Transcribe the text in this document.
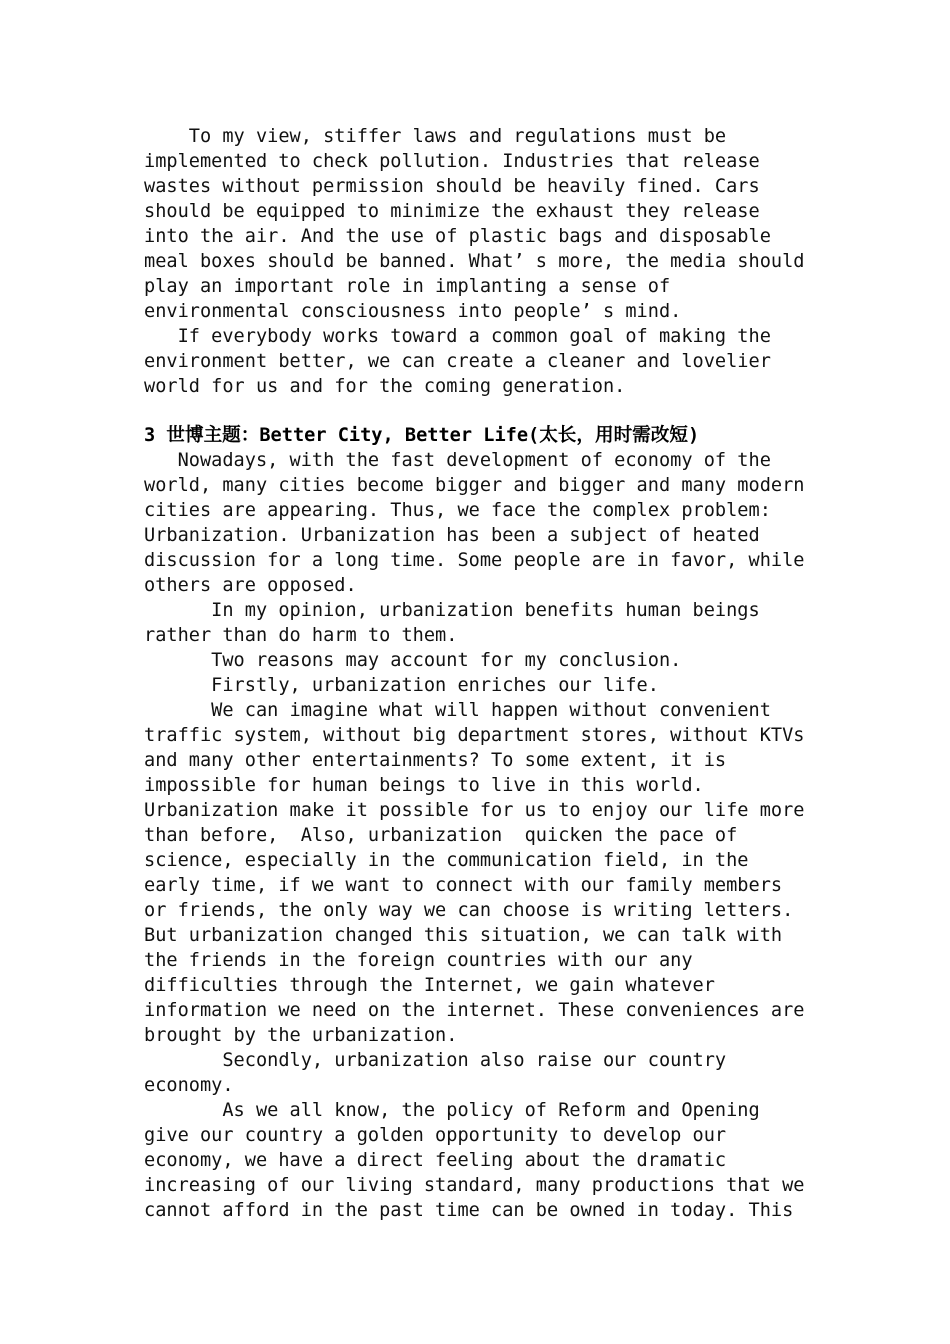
To my view, stiffer laws and regulations must be
implemented to check pollution. Industries that release
wastes without permission should be heavily fined. Cars
should be equipped to minimize the exhaust they release
into the air. And the use of plastic bags and disposable
meal boxes should be banned. What’ s more, the media should
play an important role in implanting a sense of
environmental consciousness into people’ s mind.
If everybody works toward a common goal of making the
environment better, we can create a cleaner and lovelier
world for us and for the coming generation.
3 世博主题：Better City, Better Life(太长，用时需改短)
Nowadays, with the fast development of economy of the
world, many cities become bigger and bigger and many modern
cities are appearing. Thus, we face the complex problem:
Urbanization. Urbanization has been a subject of heated
discussion for a long time. Some people are in favor, while
others are opposed.
In my opinion, urbanization benefits human beings
rather than do harm to them.
Two reasons may account for my conclusion.
Firstly, urbanization enriches our life.
We can imagine what will happen without convenient
traffic system, without big department stores, without KTVs
and many other entertainments? To some extent, it is
impossible for human beings to live in this world.
Urbanization make it possible for us to enjoy our life more
than before,  Also, urbanization  quicken the pace of
science, especially in the communication field, in the
early time, if we want to connect with our family members
or friends, the only way we can choose is writing letters.
But urbanization changed this situation, we can talk with
the friends in the foreign countries with our any
difficulties through the Internet, we gain whatever
information we need on the internet. These conveniences are
brought by the urbanization.
Secondly, urbanization also raise our country
economy.
As we all know, the policy of Reform and Opening
give our country a golden opportunity to develop our
economy, we have a direct feeling about the dramatic
increasing of our living standard, many productions that we
cannot afford in the past time can be owned in today. This
